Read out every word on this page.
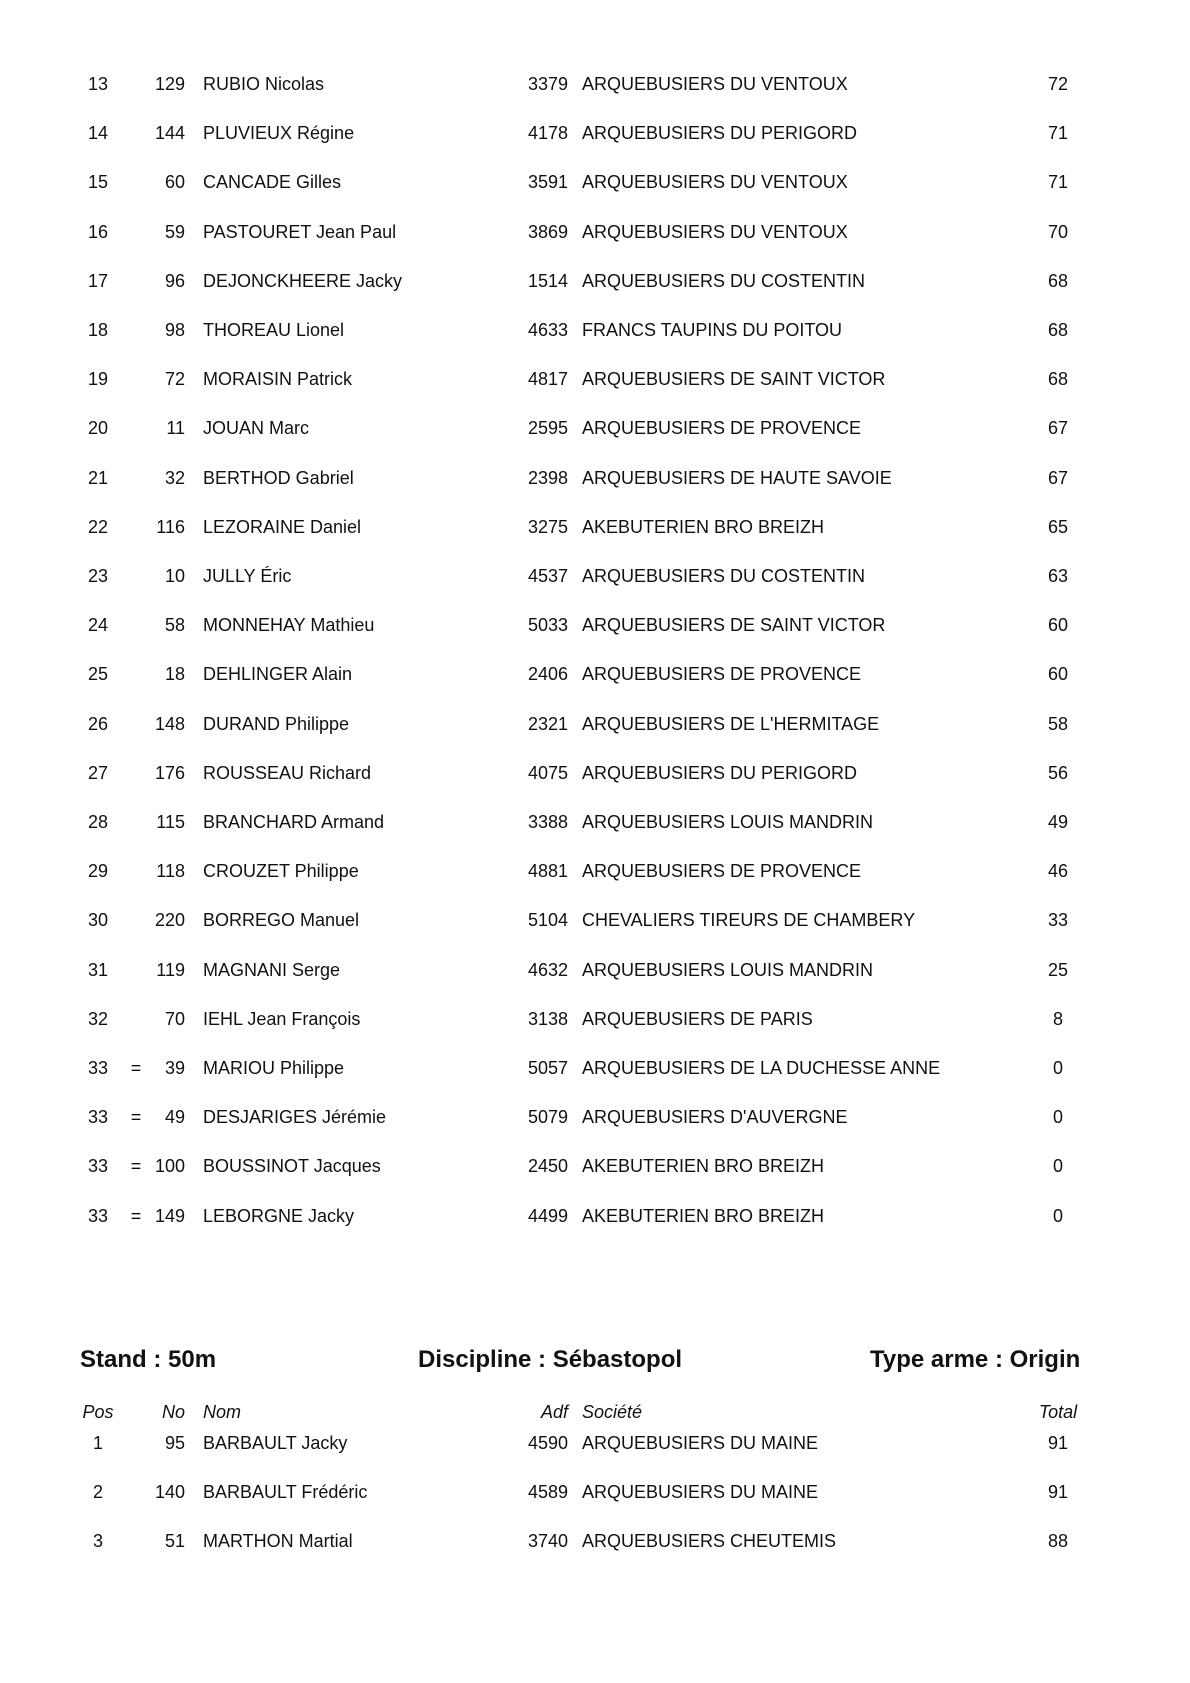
13	129 RUBIO Nicolas	3379 ARQUEBUSIERS DU VENTOUX	72
14	144 PLUVIEUX Régine	4178 ARQUEBUSIERS DU PERIGORD	71
15	60 CANCADE Gilles	3591 ARQUEBUSIERS DU VENTOUX	71
16	59 PASTOURET Jean Paul	3869 ARQUEBUSIERS DU VENTOUX	70
17	96 DEJONCKHEERE Jacky	1514 ARQUEBUSIERS DU COSTENTIN	68
18	98 THOREAU Lionel	4633 FRANCS TAUPINS DU POITOU	68
19	72 MORAISIN Patrick	4817 ARQUEBUSIERS DE SAINT VICTOR	68
20	11 JOUAN Marc	2595 ARQUEBUSIERS DE PROVENCE	67
21	32 BERTHOD Gabriel	2398 ARQUEBUSIERS DE HAUTE SAVOIE	67
22	116 LEZORAINE Daniel	3275 AKEBUTERIEN BRO BREIZH	65
23	10 JULLY Éric	4537 ARQUEBUSIERS DU COSTENTIN	63
24	58 MONNEHAY Mathieu	5033 ARQUEBUSIERS DE SAINT VICTOR	60
25	18 DEHLINGER Alain	2406 ARQUEBUSIERS DE PROVENCE	60
26	148 DURAND Philippe	2321 ARQUEBUSIERS DE L'HERMITAGE	58
27	176 ROUSSEAU Richard	4075 ARQUEBUSIERS DU PERIGORD	56
28	115 BRANCHARD Armand	3388 ARQUEBUSIERS LOUIS MANDRIN	49
29	118 CROUZET Philippe	4881 ARQUEBUSIERS DE PROVENCE	46
30	220 BORREGO Manuel	5104 CHEVALIERS TIREURS DE CHAMBERY	33
31	119 MAGNANI Serge	4632 ARQUEBUSIERS LOUIS MANDRIN	25
32	70 IEHL Jean François	3138 ARQUEBUSIERS DE PARIS	8
33	=	39 MARIOU Philippe	5057 ARQUEBUSIERS DE LA DUCHESSE ANNE	0
33	=	49 DESJARIGES Jérémie	5079 ARQUEBUSIERS D'AUVERGNE	0
33	= 100 BOUSSINOT Jacques	2450 AKEBUTERIEN BRO BREIZH	0
33	= 149 LEBORGNE Jacky	4499 AKEBUTERIEN BRO BREIZH	0
Stand : 50m	Discipline : Sébastopol	Type arme : Origin
Pos	No Nom	Adf Société	Total
1	95 BARBAULT Jacky	4590 ARQUEBUSIERS DU MAINE	91
2	140 BARBAULT Frédéric	4589 ARQUEBUSIERS DU MAINE	91
3	51 MARTHON Martial	3740 ARQUEBUSIERS CHEUTEMIS	88
